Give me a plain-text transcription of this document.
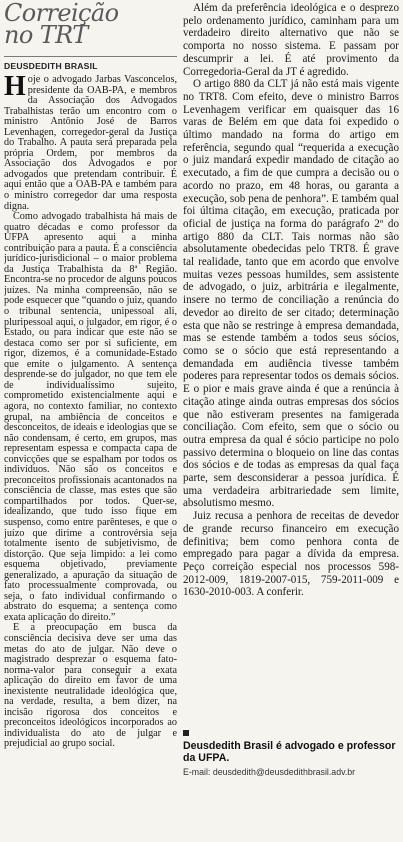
Correição
no TRT
DEUSDEDITH BRASIL

Hoje o advogado Jarbas Vasconcelos, presidente da OAB-PA, e membros da Associação dos Advogados Trabalhistas terão um encontro com o ministro Antônio José de Barros Levenhagen, corregedor-geral da Justiça do Trabalho. A pauta será preparada pela própria Ordem, por membros da Associação dos Advogados e por advogados que pretendam contribuir. É aqui então que a OAB-PA e também para o ministro corregedor dar uma resposta digna.

Como advogado trabalhista há mais de quatro décadas e como professor da UFPA apresento aqui a minha contribuição para a pauta. É a consciência jurídico-jurisdicional – o maior problema da Justiça Trabalhista da 8ª Região. Encontra-se no procedor de alguns poucos juízes. Na minha compreensão, não se pode esquecer que “quando o juiz, quando o tribunal sentencia, unipessoal ali, pluripessoal aqui, o julgador, em rigor, é o Estado, ou para indicar que este não se destaca como ser por si suficiente, em rigor, dizemos, é a comunidade-Estado que emite o julgamento. A sentença desprende-se do julgador, no que tem ele de individualíssimo sujeito, comprometido existencialmente aqui e agora, no contexto familiar, no contexto grupal, na ambiência de conceitos e desconceitos, de ideais e ideologias que se não condensam, é certo, em grupos, mas representam espessa e compacta capa de convicções que se espalham por todos os indivíduos. Não são os conceitos e preconceitos profissionais acantonados na consciência de classe, mas estes que são compartilhados por todos. Quer-se, idealizando, que tudo isso fique em suspenso, como entre parênteses, e que o juízo que dirime a controvérsia seja totalmente isento de subjetivismo, de distorção. Que seja limpido: a lei como esquema objetivado, previamente generalizado, a apuração da situação de fato processualmente comprovada, ou seja, o fato individual confirmando o abstrato do esquema; a sentença como exata aplicação do direito.”

E a preocupação em busca da consciência decisiva deve ser uma das metas do ato de julgar. Não deve o magistrado desprezar o esquema fato-norma-valor para conseguir a exata aplicação do direito em favor de uma inexistente neutralidade ideológica que, na verdade, resulta, a bem dizer, na incisão rigorosa dos conceitos e preconceitos ideológicos incorporados ao individualista do ato de julgar e prejudicial ao grupo social.

Além da preferência ideológica e o desprezo pelo ordenamento jurídico, caminham para um verdadeiro direito alternativo que não se comporta no nosso sistema. E passam por descumprir a lei. É até provimento da Corregedoria-Geral da JT é agredido.

O artigo 880 da CLT já não está mais vigente no TRT8. Com efeito, deve o ministro Barros Levenhagem verificar em quaisquer das 16 varas de Belém em que data foi expedido o último mandado na forma do artigo em referência, segundo qual “requerida a execução o juiz mandará expedir mandado de citação ao executado, a fim de que cumpra a decisão ou o acordo no prazo, em 48 horas, ou garanta a execução, sob pena de penhora”. E também qual foi última citação, em execução, praticada por oficial de justiça na forma do parágrafo 2º do artigo 880 da CLT. Tais normas não são absolutamente obedecidas pelo TRT8. É grave tal realidade, tanto que em acordo que envolve muitas vezes pessoas humildes, sem assistente de advogado, o juiz, arbitrária e ilegalmente, insere no termo de conciliação a renúncia do devedor ao direito de ser citado; determinação esta que não se restringe à empresa demandada, mas se estende também a todos seus sócios, como se o sócio que está representando a demandada em audiência tivesse também poderes para representar todos os demais sócios. E o pior e mais grave ainda é que a renúncia à citação atinge ainda outras empresas dos sócios que não estiveram presentes na famigerada conciliação. Com efeito, sem que o sócio ou outra empresa da qual é sócio participe no polo passivo determina o bloqueio on line das contas dos sócios e de todas as empresas da qual faça parte, sem desconsiderar a pessoa jurídica. É uma verdadeira arbitrariedade sem limite, absolutismo mesmo.

Juiz recusa a penhora de receitas de devedor de grande recurso financeiro em execução definitiva; bem como penhora conta de empregado para pagar a dívida da empresa. Peço correição especial nos processos 598-2012-009, 1819-2007-015, 759-2011-009 e 1630-2010-003. A conferir.

Deusdedith Brasil é advogado e professor da UFPA.
E-mail: deusdedith@deusdedithbrasil.adv.br
